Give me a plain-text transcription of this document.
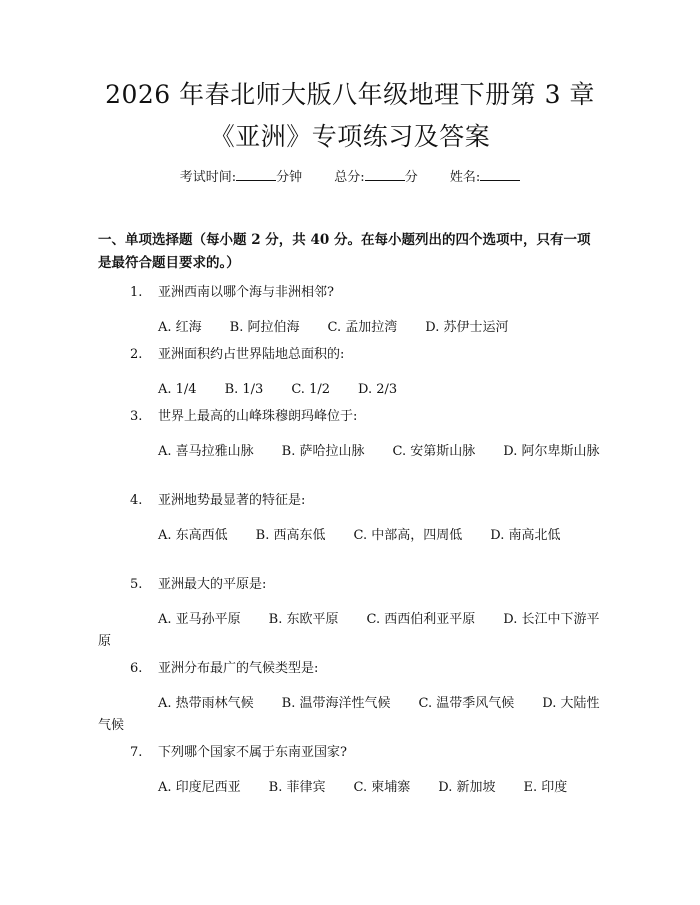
2026 年春北师大版八年级地理下册第 3 章
《亚洲》专项练习及答案
考试时间:	分钟 总分:	分 姓名:
一、单项选择题（每小题 2 分，共 40 分。在每小题列出的四个选项中，只有一项是最符合题目要求的。）
1. 亚洲西南以哪个海与非洲相邻?
A. 红海 B. 阿拉伯海 C. 孟加拉湾 D. 苏伊士运河
2. 亚洲面积约占世界陆地总面积的:
A. 1/4 B. 1/3 C. 1/2 D. 2/3
3. 世界上最高的山峰珠穆朗玛峰位于:
A. 喜马拉雅山脉 B. 萨哈拉山脉 C. 安第斯山脉 D. 阿尔卑斯山脉
4. 亚洲地势最显著的特征是:
A. 东高西低 B. 西高东低 C. 中部高，四周低 D. 南高北低
5. 亚洲最大的平原是:
A. 亚马孙平原 B. 东欧平原 C. 西西伯利亚平原 D. 长江中下游平原
6. 亚洲分布最广的气候类型是:
A. 热带雨林气候 B. 温带海洋性气候 C. 温带季风气候 D. 大陆性气候
7. 下列哪个国家不属于东南亚国家?
A. 印度尼西亚 B. 菲律宾 C. 柬埔寨 D. 新加坡 E. 印度
